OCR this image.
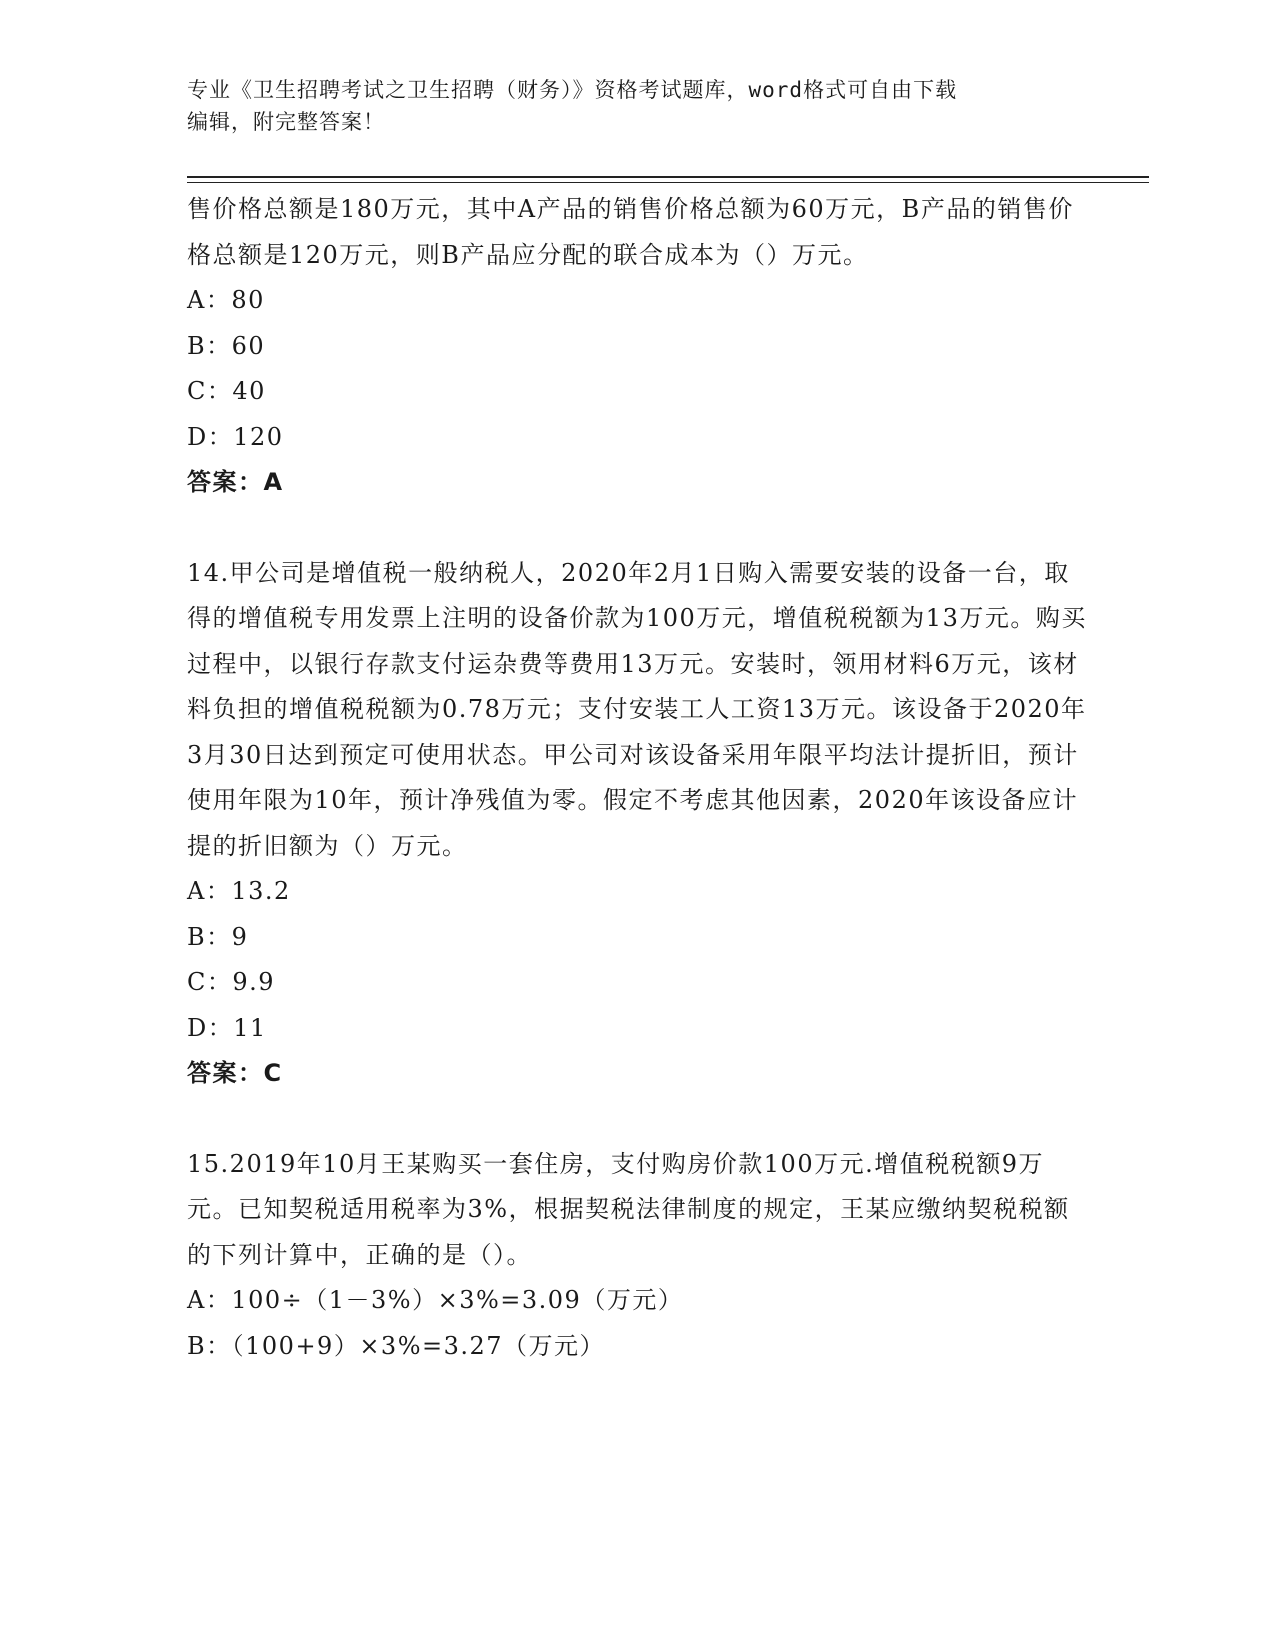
专业《卫生招聘考试之卫生招聘（财务）》资格考试题库，word格式可自由下载
编辑，附完整答案！

售价格总额是180万元，其中A产品的销售价格总额为60万元，B产品的销售价格总额是120万元，则B产品应分配的联合成本为（）万元。

A：80

B：60

C：40

D：120

答案：A

14.甲公司是增值税一般纳税人，2020年2月1日购入需要安装的设备一台，取得的增值税专用发票上注明的设备价款为100万元，增值税税额为13万元。购买过程中，以银行存款支付运杂费等费用13万元。安装时，领用材料6万元，该材料负担的增值税税额为0.78万元；支付安装工人工资13万元。该设备于2020年3月30日达到预定可使用状态。甲公司对该设备采用年限平均法计提折旧，预计使用年限为10年，预计净残值为零。假定不考虑其他因素，2020年该设备应计提的折旧额为（）万元。

A：13.2

B：9

C：9.9

D：11

答案：C

15.2019年10月王某购买一套住房，支付购房价款100万元.增值税税额9万元。已知契税适用税率为3%，根据契税法律制度的规定，王某应缴纳契税税额的下列计算中，正确的是（）。

A：100÷（1－3%）×3%=3.09（万元）

B：（100+9）×3%=3.27（万元）
